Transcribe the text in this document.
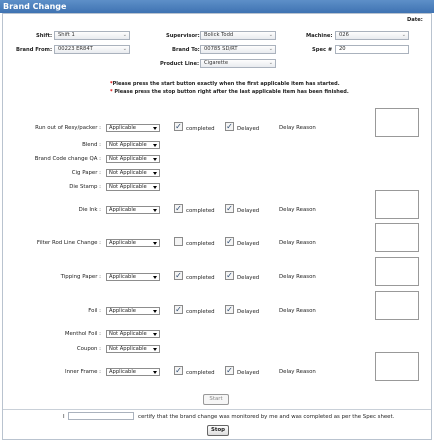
Brand Change
Date:
Shift:	Shift 1	⌄	Supervisor: Bolick Todd	⌄	Machine:	026	⌄
Brand From:	00223 ER84T	⌄	Brand To: 00785 SD/RT	⌄	Spec #	20
Product Line: Cigarette	⌄
*Please press the start button exactly when the first applicable item has started.
* Please press the stop button right after the last applicable item has been finished.
Run out of Resy/packer :	Applicable	✓ completed ✓ Delayed	Delay Reason
Blend :	Not Applicable
Brand Code change QA :	Not Applicable
Cig Paper :	Not Applicable
Die Stamp :	Not Applicable
Die Ink :	Applicable	✓ completed ✓ Delayed	Delay Reason
Filter Rod Line Change :	Applicable	completed ✓ Delayed	Delay Reason
Tipping Paper :	Applicable	✓ completed ✓ Delayed	Delay Reason
Foil :	Applicable	✓ completed ✓ Delayed	Delay Reason
Menthol Foil :	Not Applicable
Coupon :	Not Applicable
Inner Frame :	Applicable	✓ completed ✓ Delayed	Delay Reason
Start
I	certify that the brand change was monitored by me and was completed as per the Spec sheet.
Stop
